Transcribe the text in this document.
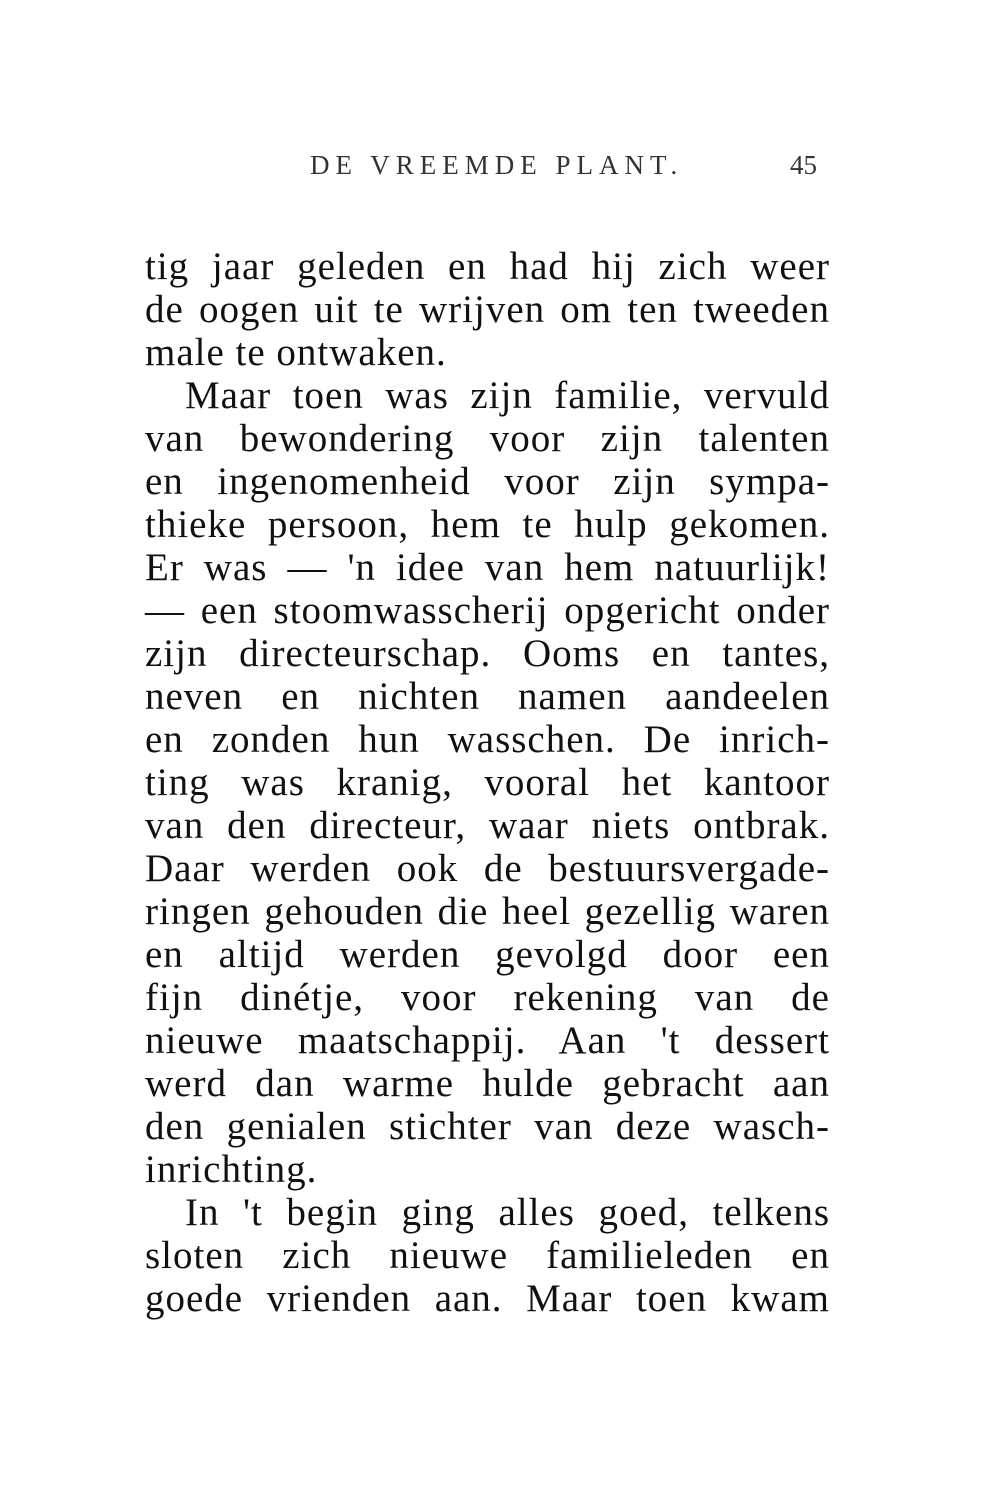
DE VREEMDE PLANT.	45
tig jaar geleden en had hij zich weer
de oogen uit te wrijven om ten tweeden
male te ontwaken.
Maar toen was zijn familie, vervuld
van bewondering voor zijn talenten
en ingenomenheid voor zijn sympa-
thieke persoon, hem te hulp gekomen.
Er was — 'n idee van hem natuurlijk!
— een stoomwasscherij opgericht onder
zijn directeurschap. Ooms en tantes,
neven en nichten namen aandeelen
en zonden hun wasschen. De inrich-
ting was kranig, vooral het kantoor
van den directeur, waar niets ontbrak.
Daar werden ook de bestuursvergade-
ringen gehouden die heel gezellig waren
en altijd werden gevolgd door een
fijn dinétje, voor rekening van de
nieuwe maatschappij. Aan 't dessert
werd dan warme hulde gebracht aan
den genialen stichter van deze wasch-
inrichting.
In 't begin ging alles goed, telkens
sloten zich nieuwe familieleden en
goede vrienden aan. Maar toen kwam
